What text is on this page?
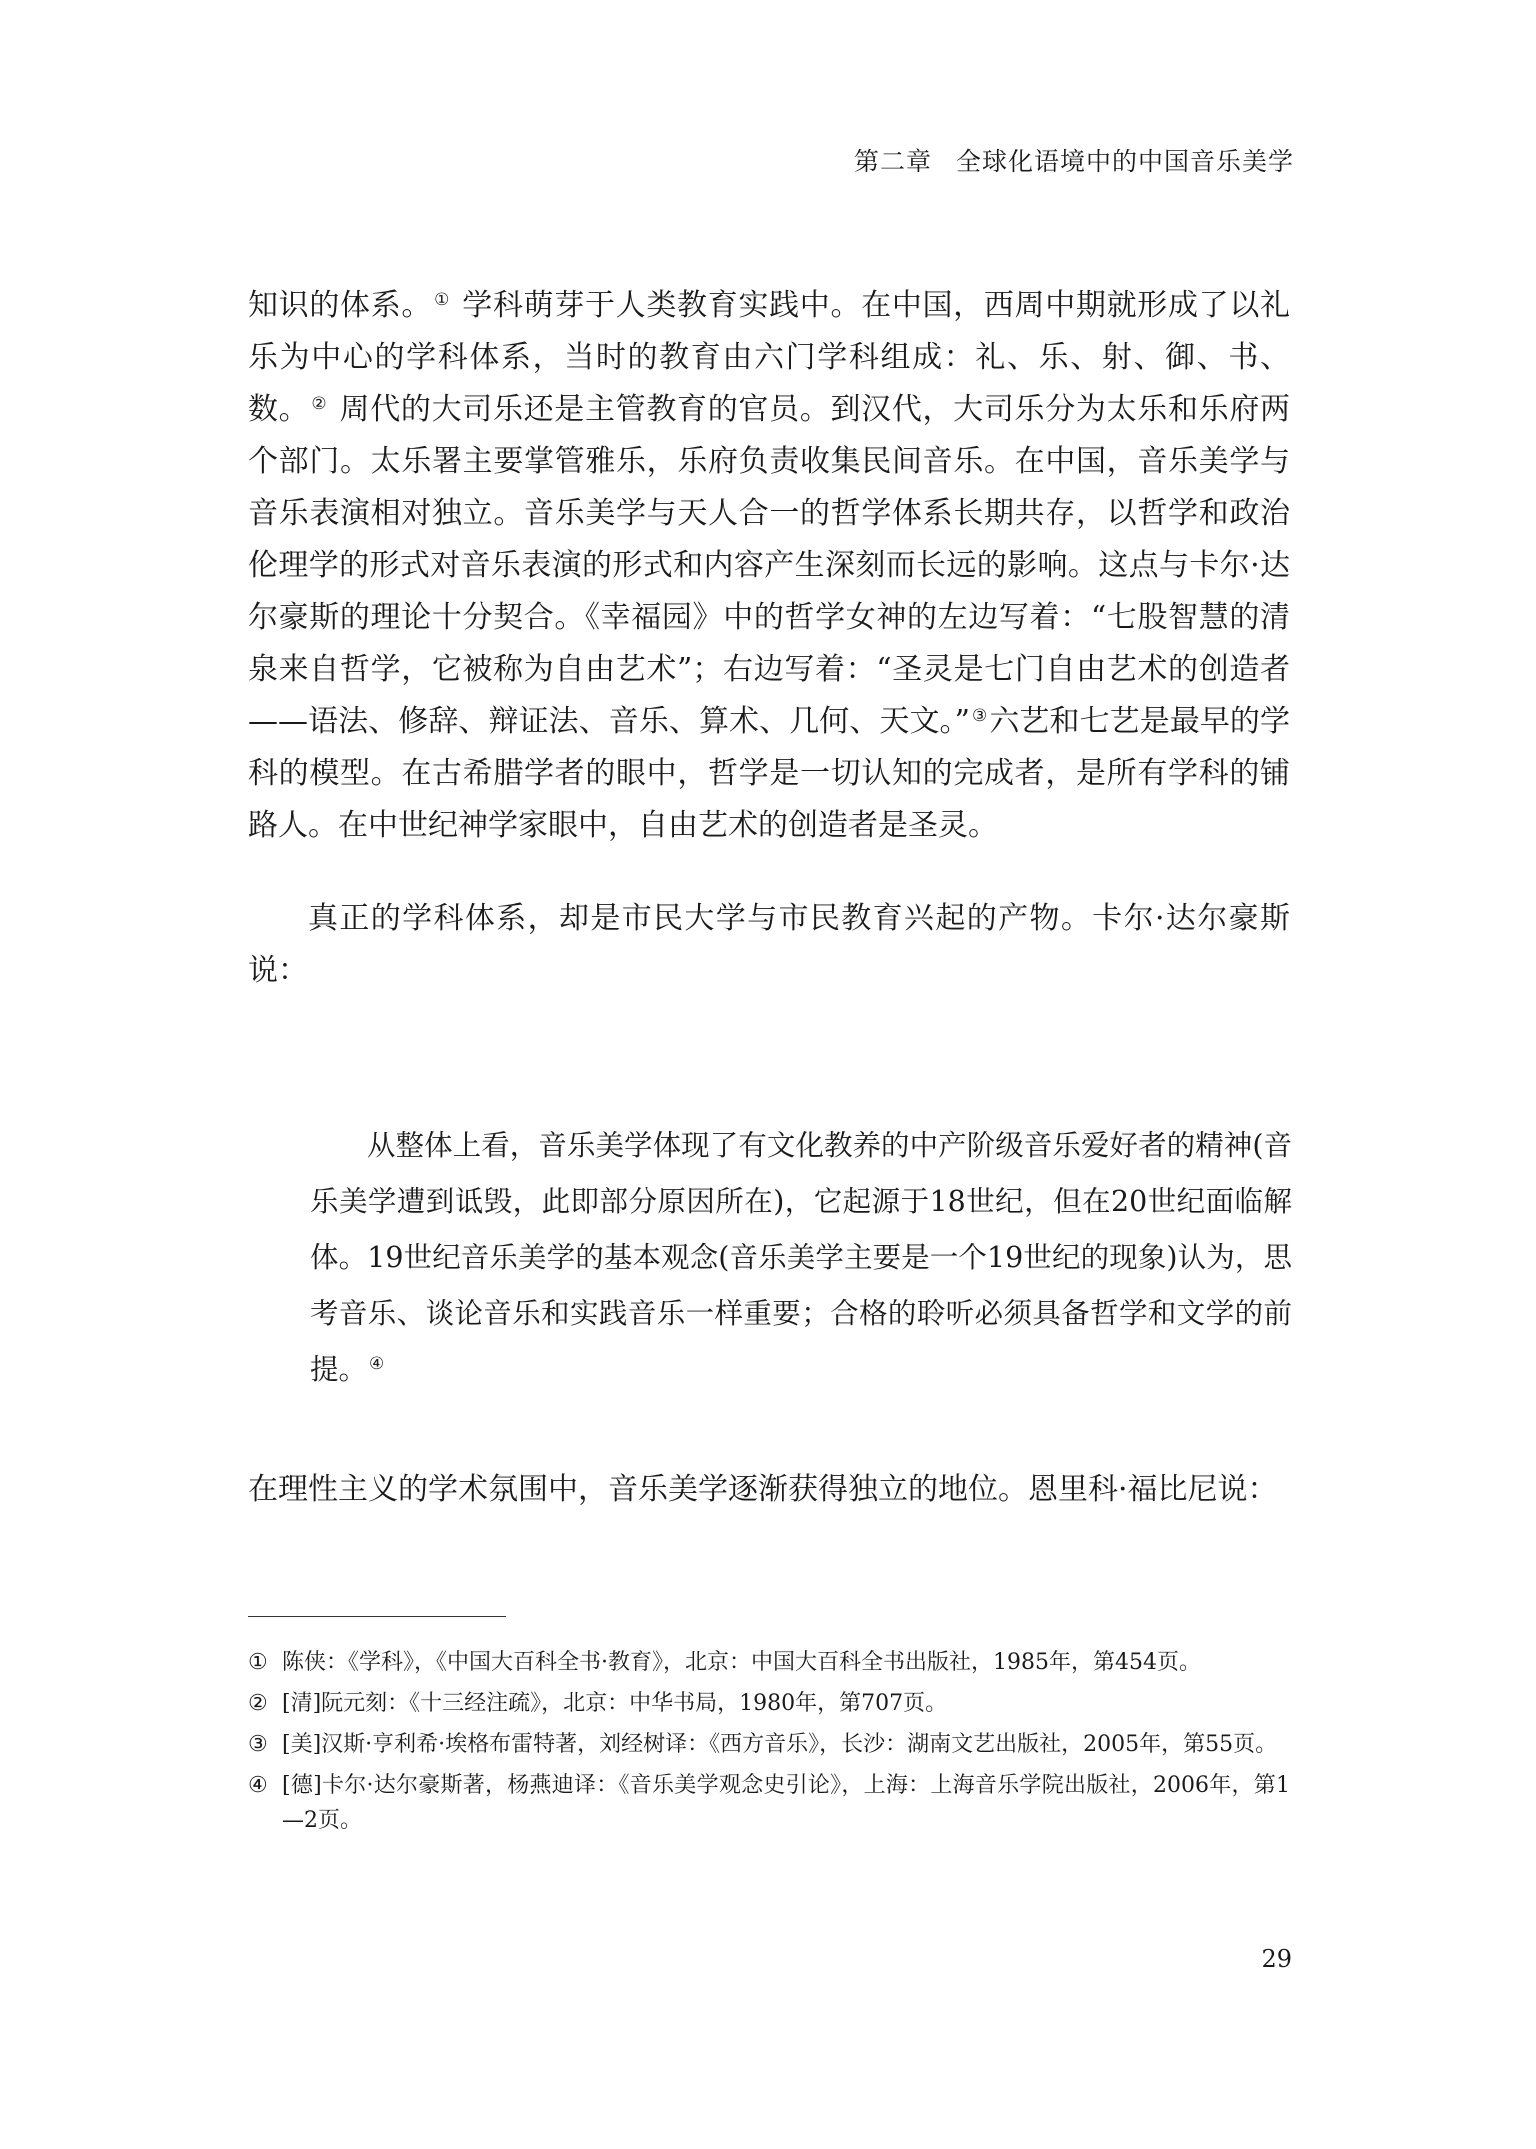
第二章 全球化语境中的中国音乐美学

知识的体系。 ① 学科萌芽于人类教育实践中。在中国，西周中期就形成了以礼乐为中心的学科体系，当时的教育由六门学科组成：礼、乐、射、御、书、数。 ② 周代的大司乐还是主管教育的官员。到汉代，大司乐分为太乐和乐府两个部门。太乐署主要掌管雅乐，乐府负责收集民间音乐。在中国，音乐美学与音乐表演相对独立。音乐美学与天人合一的哲学体系长期共存，以哲学和政治伦理学的形式对音乐表演的形式和内容产生深刻而长远的影响。这点与卡尔·达尔豪斯的理论十分契合。《幸福园》中的哲学女神的左边写着：“七股智慧的清泉来自哲学，它被称为自由艺术”；右边写着：“圣灵是七门自由艺术的创造者——语法、修辞、辩证法、音乐、算术、几何、天文。” ③六艺和七艺是最早的学科的模型。在古希腊学者的眼中，哲学是一切认知的完成者，是所有学科的铺路人。在中世纪神学家眼中，自由艺术的创造者是圣灵。

真正的学科体系，却是市民大学与市民教育兴起的产物。卡尔·达尔豪斯说：

从整体上看，音乐美学体现了有文化教养的中产阶级音乐爱好者的精神(音乐美学遭到诋毁，此即部分原因所在)，它起源于18世纪，但在20世纪面临解体。19世纪音乐美学的基本观念(音乐美学主要是一个19世纪的现象)认为，思考音乐、谈论音乐和实践音乐一样重要；合格的聆听必须具备哲学和文学的前提。 ④

在理性主义的学术氛围中，音乐美学逐渐获得独立的地位。恩里科·福比尼说：

① 陈侠：《学科》，《中国大百科全书·教育》，北京：中国大百科全书出版社，1985年，第454页。
② [清]阮元刻：《十三经注疏》，北京：中华书局，1980年，第707页。
③ [美]汉斯·亨利希·埃格布雷特著，刘经树译：《西方音乐》，长沙：湖南文艺出版社，2005年，第55页。
④ [德]卡尔·达尔豪斯著，杨燕迪译：《音乐美学观念史引论》，上海：上海音乐学院出版社，2006年，第1—2页。
29
